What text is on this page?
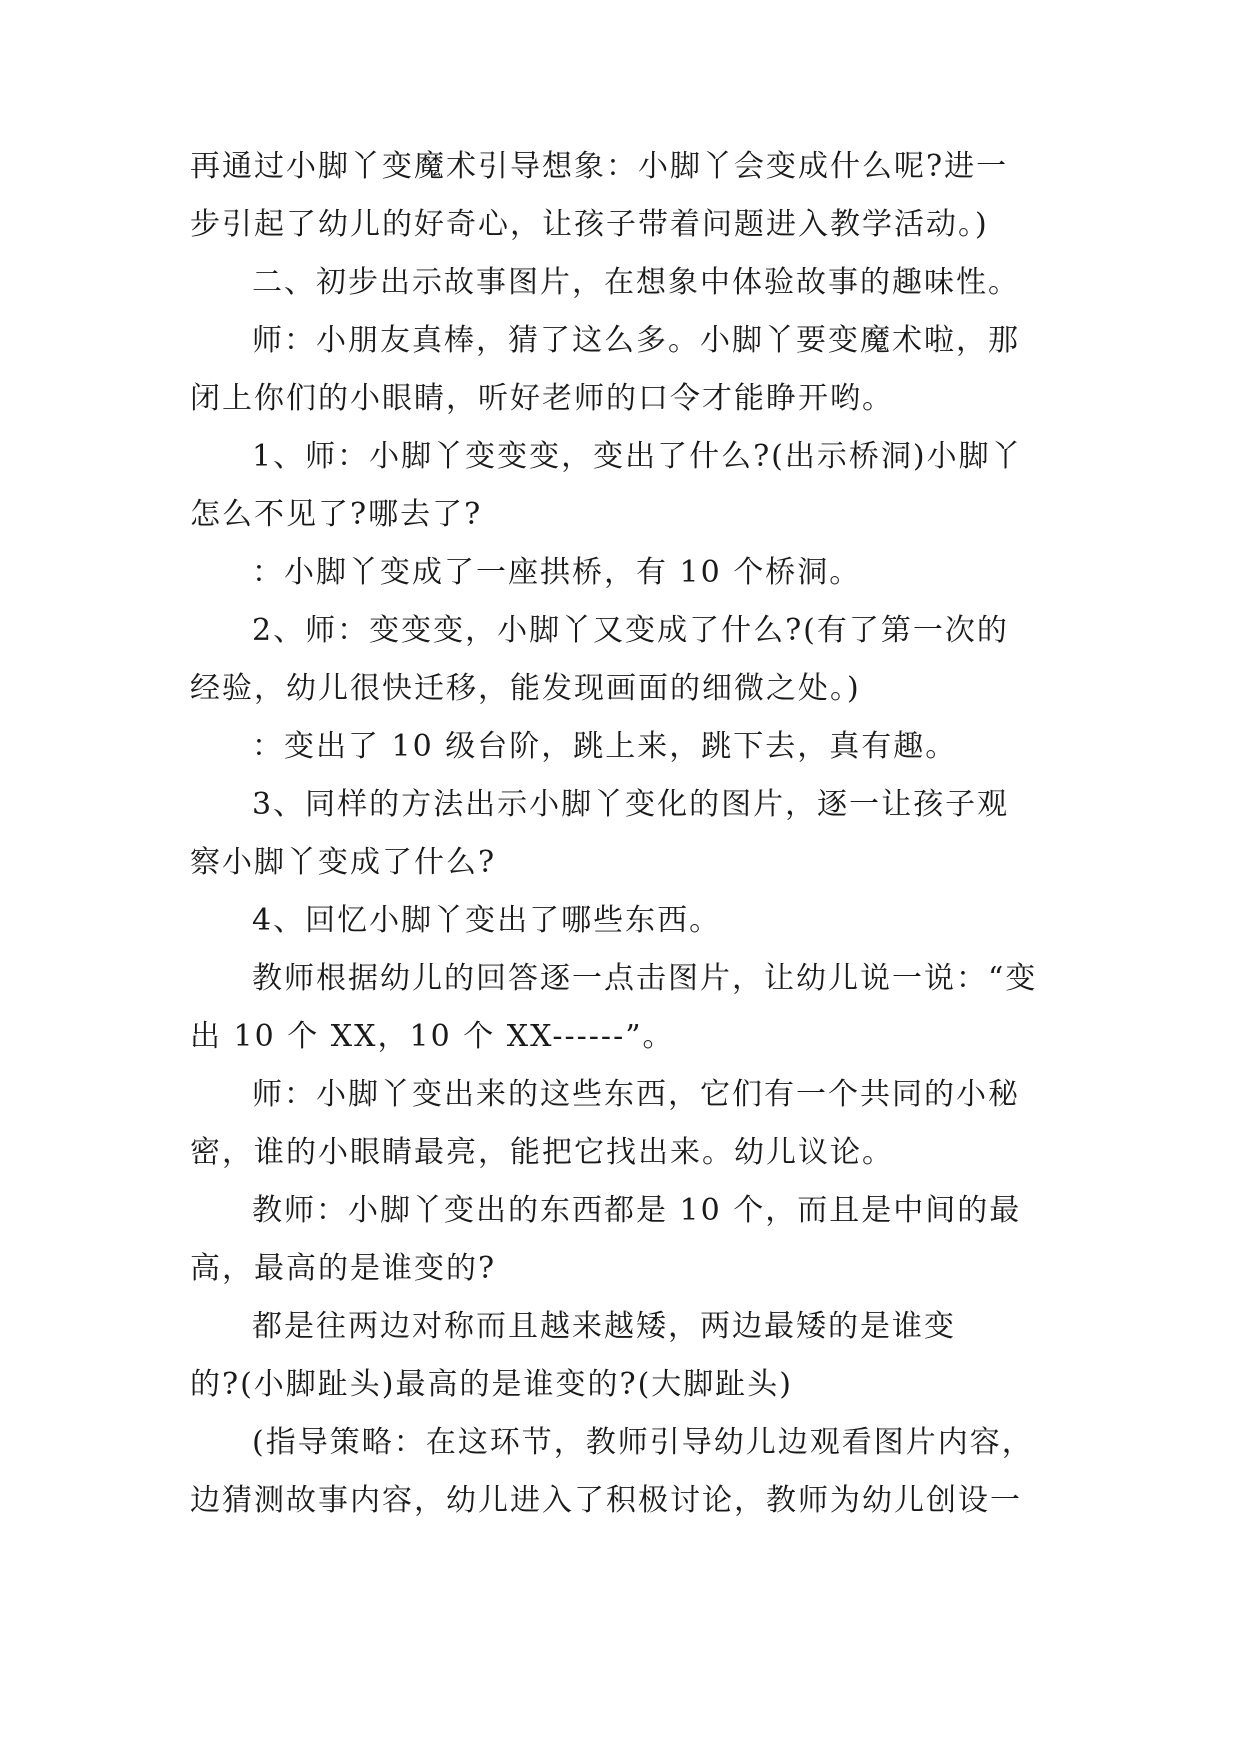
再通过小脚丫变魔术引导想象：小脚丫会变成什么呢?进一
步引起了幼儿的好奇心，让孩子带着问题进入教学活动。)
二、初步出示故事图片，在想象中体验故事的趣味性。
师：小朋友真棒，猜了这么多。小脚丫要变魔术啦，那
闭上你们的小眼睛，听好老师的口令才能睁开哟。
1、师：小脚丫变变变，变出了什么?(出示桥洞)小脚丫
怎么不见了?哪去了?
：小脚丫变成了一座拱桥，有 10 个桥洞。
2、师：变变变，小脚丫又变成了什么?(有了第一次的
经验，幼儿很快迁移，能发现画面的细微之处。)
：变出了 10 级台阶，跳上来，跳下去，真有趣。
3、同样的方法出示小脚丫变化的图片，逐一让孩子观
察小脚丫变成了什么?
4、回忆小脚丫变出了哪些东西。
教师根据幼儿的回答逐一点击图片，让幼儿说一说：“变
出 10 个 XX，10 个 XX------”。
师：小脚丫变出来的这些东西，它们有一个共同的小秘
密，谁的小眼睛最亮，能把它找出来。幼儿议论。
教师：小脚丫变出的东西都是 10 个，而且是中间的最
高，最高的是谁变的?
都是往两边对称而且越来越矮，两边最矮的是谁变
的?(小脚趾头)最高的是谁变的?(大脚趾头)
(指导策略：在这环节，教师引导幼儿边观看图片内容，
边猜测故事内容，幼儿进入了积极讨论，教师为幼儿创设一
